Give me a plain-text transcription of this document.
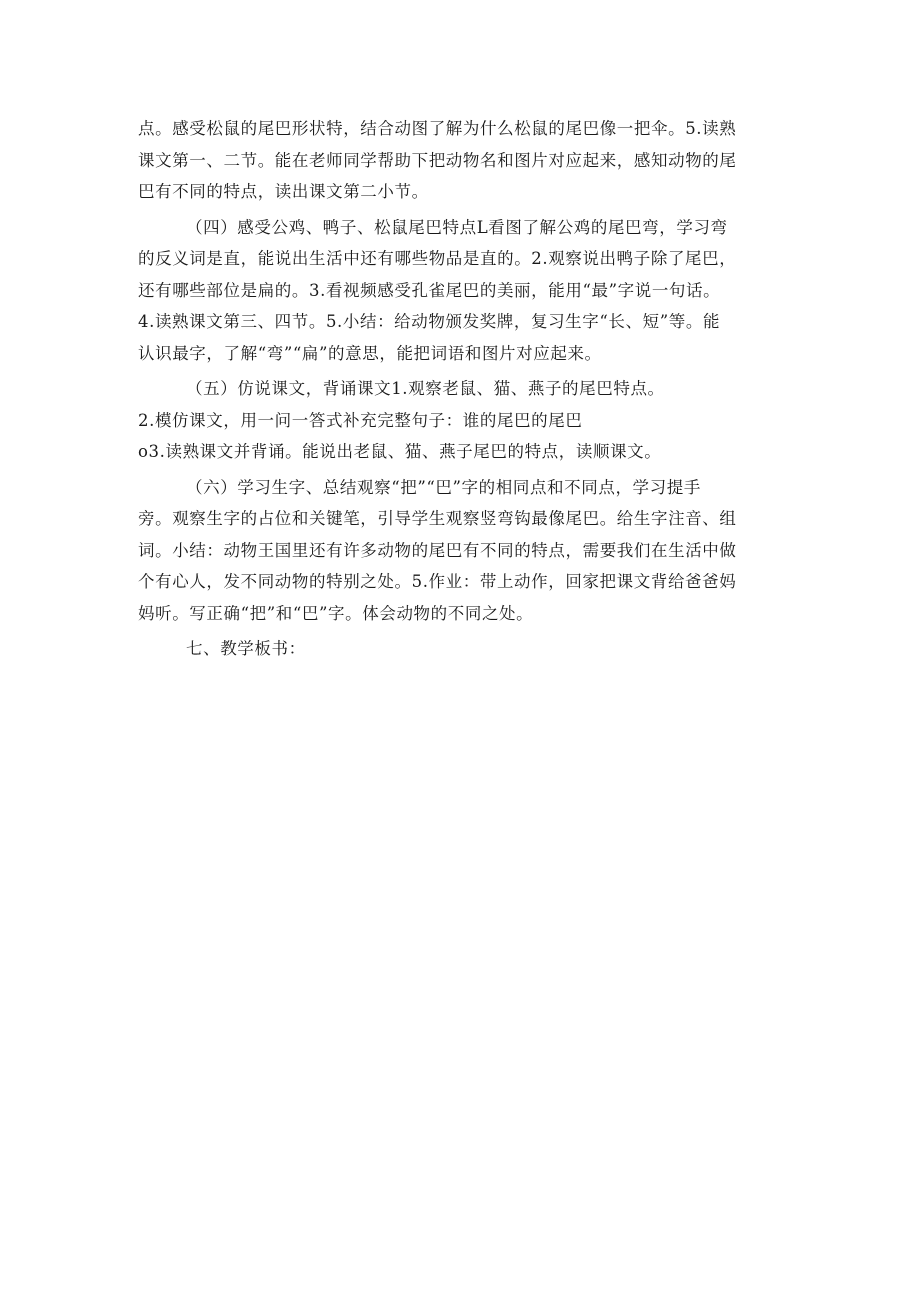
点。感受松鼠的尾巴形状特，结合动图了解为什么松鼠的尾巴像一把伞。5.读熟
课文第一、二节。能在老师同学帮助下把动物名和图片对应起来，感知动物的尾
巴有不同的特点，读出课文第二小节。

（四）感受公鸡、鸭子、松鼠尾巴特点L看图了解公鸡的尾巴弯，学习弯
的反义词是直，能说出生活中还有哪些物品是直的。2.观察说出鸭子除了尾巴，
还有哪些部位是扁的。3.看视频感受孔雀尾巴的美丽，能用“最”字说一句话。
4.读熟课文第三、四节。5.小结：给动物颁发奖牌，复习生字“长、短”等。能
认识最字，了解“弯”“扁”的意思，能把词语和图片对应起来。

（五）仿说课文，背诵课文1.观察老鼠、猫、燕子的尾巴特点。
2.模仿课文，用一问一答式补充完整句子：谁的尾巴的尾巴
o3.读熟课文并背诵。能说出老鼠、猫、燕子尾巴的特点，读顺课文。

（六）学习生字、总结观察“把”“巴”字的相同点和不同点，学习提手
旁。观察生字的占位和关键笔，引导学生观察竖弯钩最像尾巴。给生字注音、组
词。小结：动物王国里还有许多动物的尾巴有不同的特点，需要我们在生活中做
个有心人，发不同动物的特别之处。5.作业：带上动作，回家把课文背给爸爸妈
妈听。写正确“把”和“巴”字。体会动物的不同之处。

七、教学板书：
